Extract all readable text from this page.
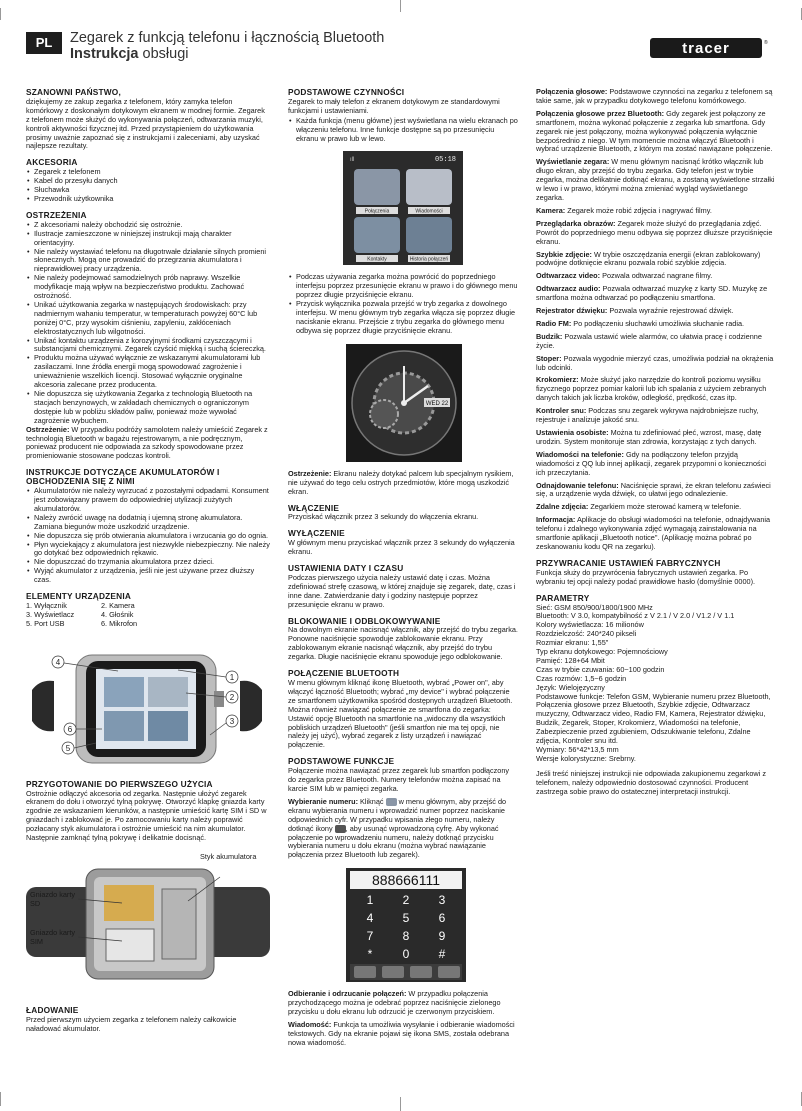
PL	Zegarek z funkcją telefonu i łącznością Bluetooth
Instrukcja obsługi	tracer	®
SZANOWNI PAŃSTWO,

dziękujemy ze zakup zegarka z telefonem, który zamyka telefon komórkowy z doskonałym dotykowym ekranem w modnej formie. Zegarek z telefonem może służyć do wykonywania połączeń, odtwarzania muzyki, kontroli aktywności fizycznej itd. Przed przystąpieniem do użytkowania prosimy uważnie zapoznać się z instrukcjami i zaleceniami, aby uzyskać najlepsze rezultaty.

AKCESORIA
• Zegarek z telefonem
• Kabel do przesyłu danych
• Słuchawka
• Przewodnik użytkownika
OSTRZEŻENIA
• Z akcesoriami należy obchodzić się ostrożnie.
• Ilustracje zamieszczone w niniejszej instrukcji mają charakter orientacyjny.
• Nie należy wystawiać telefonu na długotrwałe działanie silnych promieni słonecznych. Mogą one prowadzić do przegrzania akumulatora i nieprawidłowej pracy urządzenia.
• Nie należy podejmować samodzielnych prób naprawy. Wszelkie modyfikacje mają wpływ na bezpieczeństwo produktu. Zachować ostrożność.
• Unikać użytkowania zegarka w następujących środowiskach: przy nadmiernym wahaniu temperatur, w temperaturach powyżej 60°C lub poniżej 0°C, przy wysokim ciśnieniu, zapyleniu, zakłóceniach elektrostatycznych lub wilgotności.
• Unikać kontaktu urządzenia z korozyjnymi środkami czyszczącymi i substancjami chemicznymi. Zegarek czyścić miękką i suchą ściereczką.
• Produktu można używać wyłącznie ze wskazanymi akumulatorami lub zasilaczami. Inne źródła energii mogą spowodować zagrożenie i unieważnienie wszelkich licencji. Stosować wyłącznie oryginalne akcesoria zalecane przez producenta.
• Nie dopuszcza się użytkowania Zegarka z technologią Bluetooth na stacjach benzynowych, w zakładach chemicznych o ograniczonym dostępie lub w pobliżu składów paliw, ponieważ może wywołać zagrożenie wybuchem.

Ostrzeżenie: W przypadku podróży samolotem należy umieścić Zegarek z technologią Bluetooth w bagażu rejestrowanym, a nie podręcznym, ponieważ producent nie odpowiada za szkody spowodowane przez promieniowanie stosowane podczas kontroli.

INSTRUKCJE DOTYCZĄCE AKUMULATORÓW I OBCHODZENIA SIĘ Z NIMI
• Akumulatorów nie należy wyrzucać z pozostałymi odpadami. Konsument jest zobowiązany prawem do odpowiedniej utylizacji zużytych akumulatorów.
• Należy zwrócić uwagę na dodatnią i ujemną stronę akumulatora. Zamiana biegunów może uszkodzić urządzenie.
• Nie dopuszcza się prób otwierania akumulatora i wrzucania go do ognia.
• Płyn wyciekający z akumulatora jest niezwykle niebezpieczny. Nie należy go dotykać bez odpowiednich rękawic.
• Nie dopuszczać do trzymania akumulatora przez dzieci.
• Wyjąć akumulator z urządzenia, jeśli nie jest używane przez dłuższy czas.
ELEMENTY URZĄDZENIA
1. Wyłącznik	2. Kamera
3. Wyświetlacz	4. Głośnik
5. Port USB	6. Mikrofon
4
1
6
2
5
3
PRZYGOTOWANIE DO PIERWSZEGO UŻYCIA

Ostrożnie odłączyć akcesoria od zegarka. Następnie ułożyć zegarek ekranem do dołu i otworzyć tylną pokrywę. Otworzyć klapkę gniazda karty zgodnie ze wskazaniem kierunków, a następnie umieścić kartę SIM i SD w gniazdach i zablokować je. Po zamocowaniu karty należy poprawić pozłacany styk akumulatora i ostrożnie umieścić na nim akumulator. Następnie zamknąć tylną pokrywę i delikatnie docisnąć.

Gniazdo karty SD
Gniazdo karty SIM
Styk akumulatora
ŁADOWANIE

Przed pierwszym użyciem zegarka z telefonem należy całkowicie naładować akumulator.

PODSTAWOWE CZYNNOŚCI

Zegarek to mały telefon z ekranem dotykowym ze standardowymi funkcjami i ustawieniami.

• Każda funkcja (menu główne) jest wyświetlana na wielu ekranach po włączeniu telefonu. Inne funkcje dostępne są po przesunięciu ekranu w prawo lub w lewo.
ıll	05:18
Połączenia	Wiadomości
Kontakty	Historia połączeń
• Podczas używania zegarka można powrócić do poprzedniego interfejsu poprzez przesunięcie ekranu w prawo i do głównego menu poprzez długie przyciśnięcie ekranu.
• Przycisk wyłącznika pozwala przejść w tryb zegarka z dowolnego interfejsu. W menu głównym tryb zegarka włącza się poprzez długie naciskanie ekranu. Przejście z trybu zegarka do głównego menu odbywa się poprzez długie przyciśnięcie ekranu.
WED 22

Ostrzeżenie: Ekranu należy dotykać palcem lub specjalnym rysikiem, nie używać do tego celu ostrych przedmiotów, które mogą uszkodzić ekran.

WŁĄCZENIE

Przyciskać włącznik przez 3 sekundy do włączenia ekranu.

WYŁĄCZENIE

W głównym menu przyciskać włącznik przez 3 sekundy do wyłączenia ekranu.

USTAWIENIA DATY I CZASU

Podczas pierwszego użycia należy ustawić datę i czas. Można zdefiniować strefę czasową, w której znajduje się zegarek, datę, czas i inne dane. Zatwierdzanie daty i godziny następuje poprzez przesunięcie ekranu w prawo.

BLOKOWANIE I ODBLOKOWYWANIE

Na dowolnym ekranie nacisnąć włącznik, aby przejść do trybu zegarka. Ponowne naciśnięcie spowoduje zablokowanie ekranu. Przy zablokowanym ekranie nacisnąć włącznik, aby przejść do trybu zegarka. Długie naciśnięcie ekranu spowoduje jego odblokowanie.

POŁĄCZENIE BLUETOOTH

W menu głównym kliknąć ikonę Bluetooth, wybrać „Power on", aby włączyć łączność Bluetooth; wybrać „my device" i wybrać połączenie ze smartfonem użytkownika spośród dostępnych urządzeń Bluetooth. Można również nawiązać połączenie ze smartfona do zegarka: Ustawić opcję Bluetooth na smartfonie na „widoczny dla wszystkich pobliskich urządzeń Bluetooth" (jeśli smartfon nie ma tej opcji, nie należy jej użyć), wybrać zegarek z listy urządzeń i nawiązać połączenie.

PODSTAWOWE FUNKCJE

Połączenie można nawiązać przez zegarek lub smartfon podłączony do zegarka przez Bluetooth. Numery telefonów można zapisać na karcie SIM lub w pamięci zegarka.

Wybieranie numeru: Kliknąć  w menu głównym, aby przejść do ekranu wybierania numeru i wprowadzić numer poprzez naciskanie odpowiednich cyfr. W przypadku wpisania złego numeru, należy dotknąć ikony , aby usunąć wprowadzoną cyfrę. Aby wykonać połączenie po wprowadzeniu numeru, należy dotknąć przycisku wybierania numeru u dołu ekranu (można wybrać nawiązanie połączenia przez Bluetooth lub zegarek).

888666111
1 2 3
4 5 6
7 8 9
*	0 #

Odbieranie i odrzucanie połączeń: W przypadku połączenia przychodzącego można je odebrać poprzez naciśnięcie zielonego przycisku u dołu ekranu lub odrzucić je czerwonym przyciskiem.

Wiadomość: Funkcja ta umożliwia wysyłanie i odbieranie wiadomości tekstowych. Gdy na ekranie pojawi się ikona SMS, została odebrana nowa wiadomość.

Połączenia głosowe: Podstawowe czynności na zegarku z telefonem są takie same, jak w przypadku dotykowego telefonu komórkowego.

Połączenia głosowe przez Bluetooth: Gdy zegarek jest połączony ze smartfonem, można wykonać połączenie z zegarka lub smartfona. Gdy zegarek nie jest połączony, można wykonywać połączenia wyłącznie bezpośrednio z niego. W tym momencie można włączyć Bluetooth i wybrać urządzenie Bluetooth, z którym ma zostać nawiązane połączenie.

Wyświetlanie zegara: W menu głównym nacisnąć krótko włącznik lub długo ekran, aby przejść do trybu zegarka. Gdy telefon jest w trybie zegarka, można delikatnie dotknąć ekranu, a zostaną wyświetlone strzałki w lewo i w prawo, którymi można zmieniać wygląd wyświetlanego zegarka.

Kamera: Zegarek może robić zdjęcia i nagrywać filmy.

Przeglądarka obrazów: Zegarek może służyć do przeglądania zdjęć. Powrót do poprzedniego menu odbywa się poprzez dłuższe przyciśnięcie ekranu.

Szybkie zdjęcie: W trybie oszczędzania energii (ekran zablokowany) podwójne dotknięcie ekranu pozwala robić szybkie zdjęcia.

Odtwarzacz video: Pozwala odtwarzać nagrane filmy.

Odtwarzacz audio: Pozwala odtwarzać muzykę z karty SD. Muzykę ze smartfona można odtwarzać po podłączeniu smartfona.

Rejestrator dźwięku: Pozwala wyraźnie rejestrować dźwięk.

Radio FM: Po podłączeniu słuchawki umożliwia słuchanie radia.

Budzik: Pozwala ustawić wiele alarmów, co ułatwia pracę i codzienne życie.

Stoper: Pozwala wygodnie mierzyć czas, umożliwia podział na okrążenia lub odcinki.

Krokomierz: Może służyć jako narzędzie do kontroli poziomu wysiłku fizycznego poprzez pomiar kalorii lub ich spalania z użyciem zebranych danych takich jak liczba kroków, odległość, prędkość, czas itp.

Kontroler snu: Podczas snu zegarek wykrywa najdrobniejsze ruchy, rejestruje i analizuje jakość snu.

Ustawienia osobiste: Można tu zdefiniować płeć, wzrost, masę, datę urodzin. System monitoruje stan zdrowia, korzystając z tych danych.

Wiadomości na telefonie: Gdy na podłączony telefon przyjdą wiadomości z QQ lub innej aplikacji, zegarek przypomni o konieczności ich przeczytania.

Odnajdowanie telefonu: Naciśnięcie sprawi, że ekran telefonu zaświeci się, a urządzenie wyda dźwięk, co ułatwi jego odnalezienie.

Zdalne zdjęcia: Zegarkiem może sterować kamerą w telefonie.

Informacja: Aplikacje do obsługi wiadomości na telefonie, odnajdywania telefonu i zdalnego wykonywania zdjęć wymagają zainstalowania na smartfonie aplikacji „Bluetooth notice". (Aplikację można pobrać po zeskanowaniu kodu QR na zegarku).

PRZYWRACANIE USTAWIEŃ FABRYCZNYCH

Funkcja służy do przywrócenia fabrycznych ustawień zegarka. Po wybraniu tej opcji należy podać prawidłowe hasło (domyślnie 0000).

PARAMETRY
Sieć: GSM 850/900/1800/1900 MHz
Bluetooth: V 3.0, kompatybilność z V 2.1 / V 2.0 / V1.2 / V 1.1
Kolory wyświetlacza: 16 milionów
Rozdzielczość: 240*240 pikseli
Rozmiar ekranu: 1,55"
Typ ekranu dotykowego: Pojemnościowy
Pamięć: 128+64 Mbit
Czas w trybie czuwania: 60~100 godzin
Czas rozmów: 1,5~6 godzin
Język: Wielojęzyczny
Podstawowe funkcje: Telefon GSM, Wybieranie numeru przez Bluetooth, Połączenia głosowe przez Bluetooth, Szybkie zdjęcie, Odtwarzacz muzyczny, Odtwarzacz video, Radio FM, Kamera, Rejestrator dźwięku, Budzik, Zegarek, Stoper, Krokomierz, Wiadomości na telefonie, Zabezpieczenie przed zgubieniem, Odszukiwanie telefonu, Zdalne zdjęcia, Kontroler snu itd.
Wymiary: 56*42*13,5 mm
Wersje kolorystyczne: Srebrny.

Jeśli treść niniejszej instrukcji nie odpowiada zakupionemu zegarkowi z telefonem, należy odpowiednio dostosować czynności. Producent zastrzega sobie prawo do ostatecznej interpretacji instrukcji.
